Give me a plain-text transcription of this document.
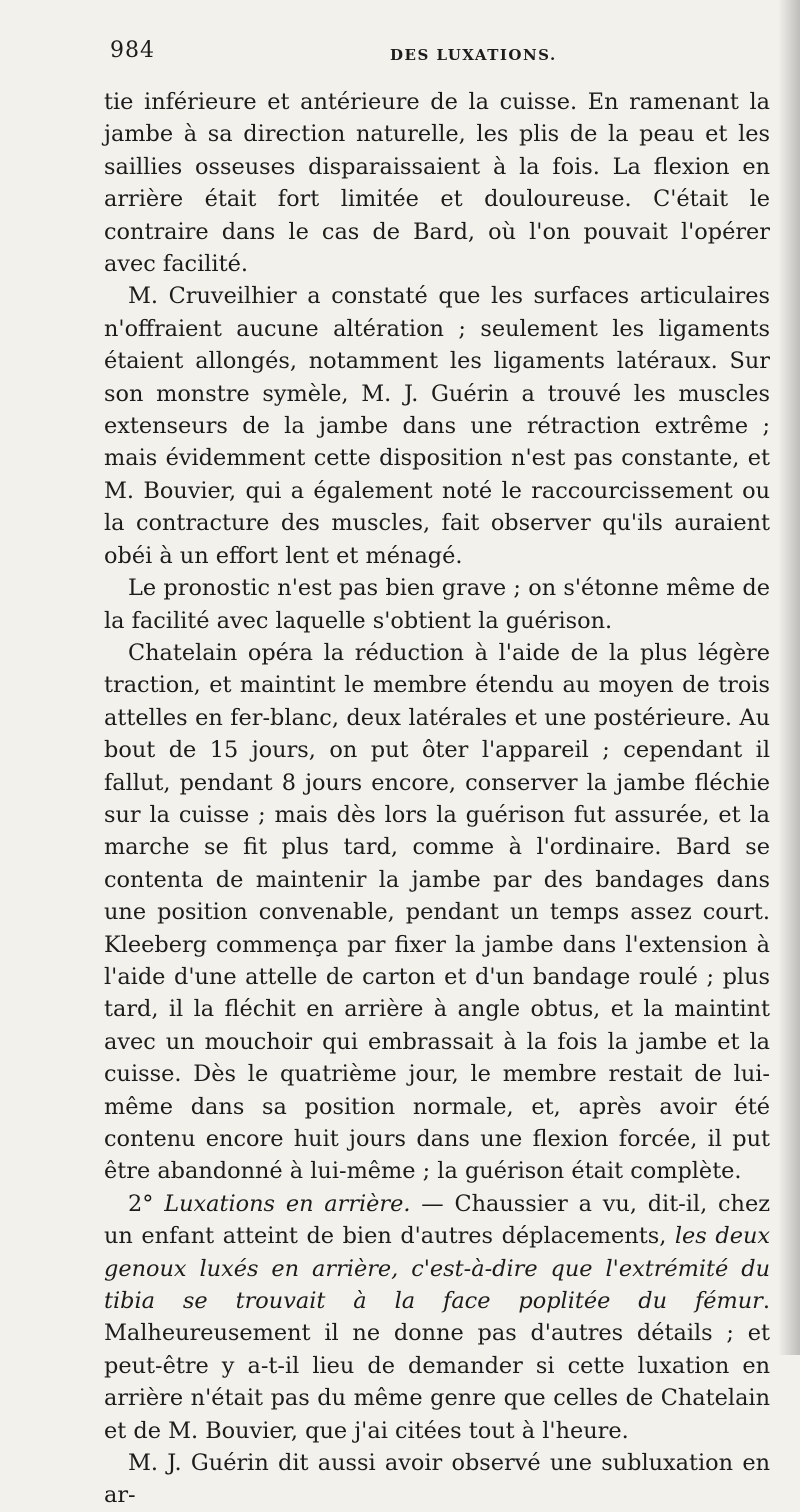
984	DES LUXATIONS.

tie inférieure et antérieure de la cuisse. En ramenant la jambe à sa direction naturelle, les plis de la peau et les saillies osseuses disparaissaient à la fois. La flexion en arrière était fort limitée et douloureuse. C'était le contraire dans le cas de Bard, où l'on pouvait l'opérer avec facilité.

M. Cruveilhier a constaté que les surfaces articulaires n'offraient aucune altération ; seulement les ligaments étaient allongés, notamment les ligaments latéraux. Sur son monstre symèle, M. J. Guérin a trouvé les muscles extenseurs de la jambe dans une rétraction extrême ; mais évidemment cette disposition n'est pas constante, et M. Bouvier, qui a également noté le raccourcissement ou la contracture des muscles, fait observer qu'ils auraient obéi à un effort lent et ménagé.

Le pronostic n'est pas bien grave ; on s'étonne même de la facilité avec laquelle s'obtient la guérison.

Chatelain opéra la réduction à l'aide de la plus légère traction, et maintint le membre étendu au moyen de trois attelles en fer-blanc, deux latérales et une postérieure. Au bout de 15 jours, on put ôter l'appareil ; cependant il fallut, pendant 8 jours encore, conserver la jambe fléchie sur la cuisse ; mais dès lors la guérison fut assurée, et la marche se fit plus tard, comme à l'ordinaire. Bard se contenta de maintenir la jambe par des bandages dans une position convenable, pendant un temps assez court. Kleeberg commença par fixer la jambe dans l'extension à l'aide d'une attelle de carton et d'un bandage roulé ; plus tard, il la fléchit en arrière à angle obtus, et la maintint avec un mouchoir qui embrassait à la fois la jambe et la cuisse. Dès le quatrième jour, le membre restait de lui-même dans sa position normale, et, après avoir été contenu encore huit jours dans une flexion forcée, il put être abandonné à lui-même ; la guérison était complète.

2° Luxations en arrière. — Chaussier a vu, dit-il, chez un enfant atteint de bien d'autres déplacements, les deux genoux luxés en arrière, c'est-à-dire que l'extrémité du tibia se trouvait à la face poplitée du fémur. Malheureusement il ne donne pas d'autres détails ; et peut-être y a-t-il lieu de demander si cette luxation en arrière n'était pas du même genre que celles de Chatelain et de M. Bouvier, que j'ai citées tout à l'heure.

M. J. Guérin dit aussi avoir observé une subluxation en ar-
